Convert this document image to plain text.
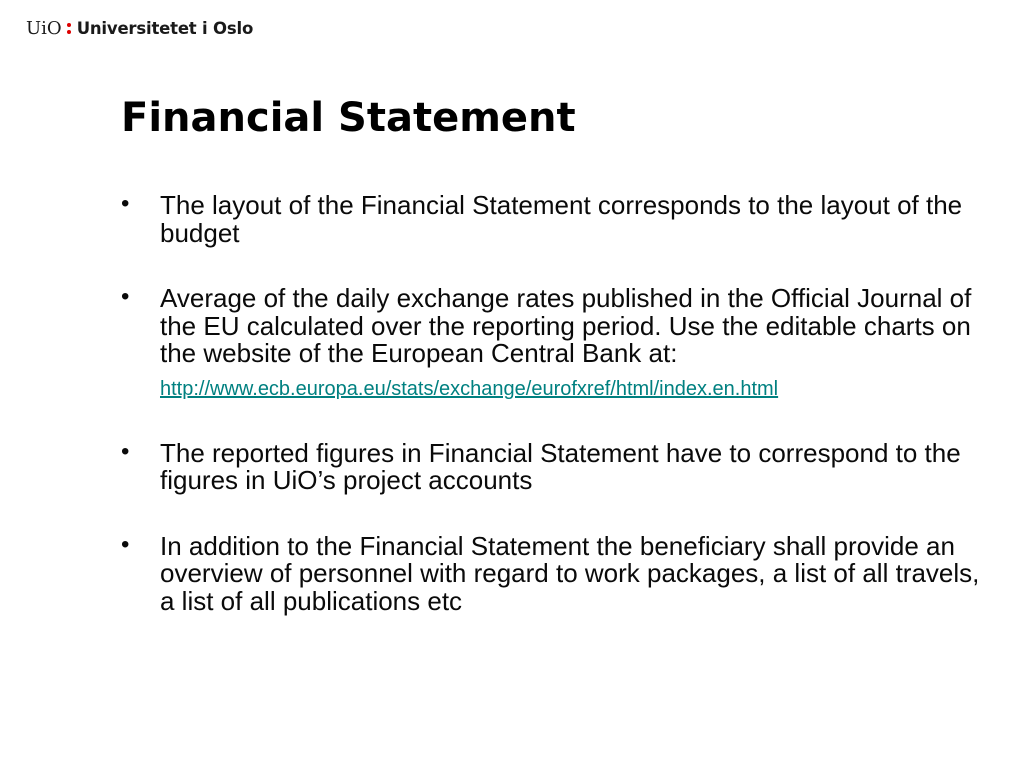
UiO Universitetet i Oslo
Financial Statement
• The layout of the Financial Statement corresponds to the layout of the budget
• Average of the daily exchange rates published in the Official Journal of the EU calculated over the reporting period. Use the editable charts on the website of the European Central Bank at:
http://www.ecb.europa.eu/stats/exchange/eurofxref/html/index.en.html
• The reported figures in Financial Statement have to correspond to the figures in UiO’s project accounts
• In addition to the Financial Statement the beneficiary shall provide an overview of personnel with regard to work packages, a list of all travels, a list of all publications etc
